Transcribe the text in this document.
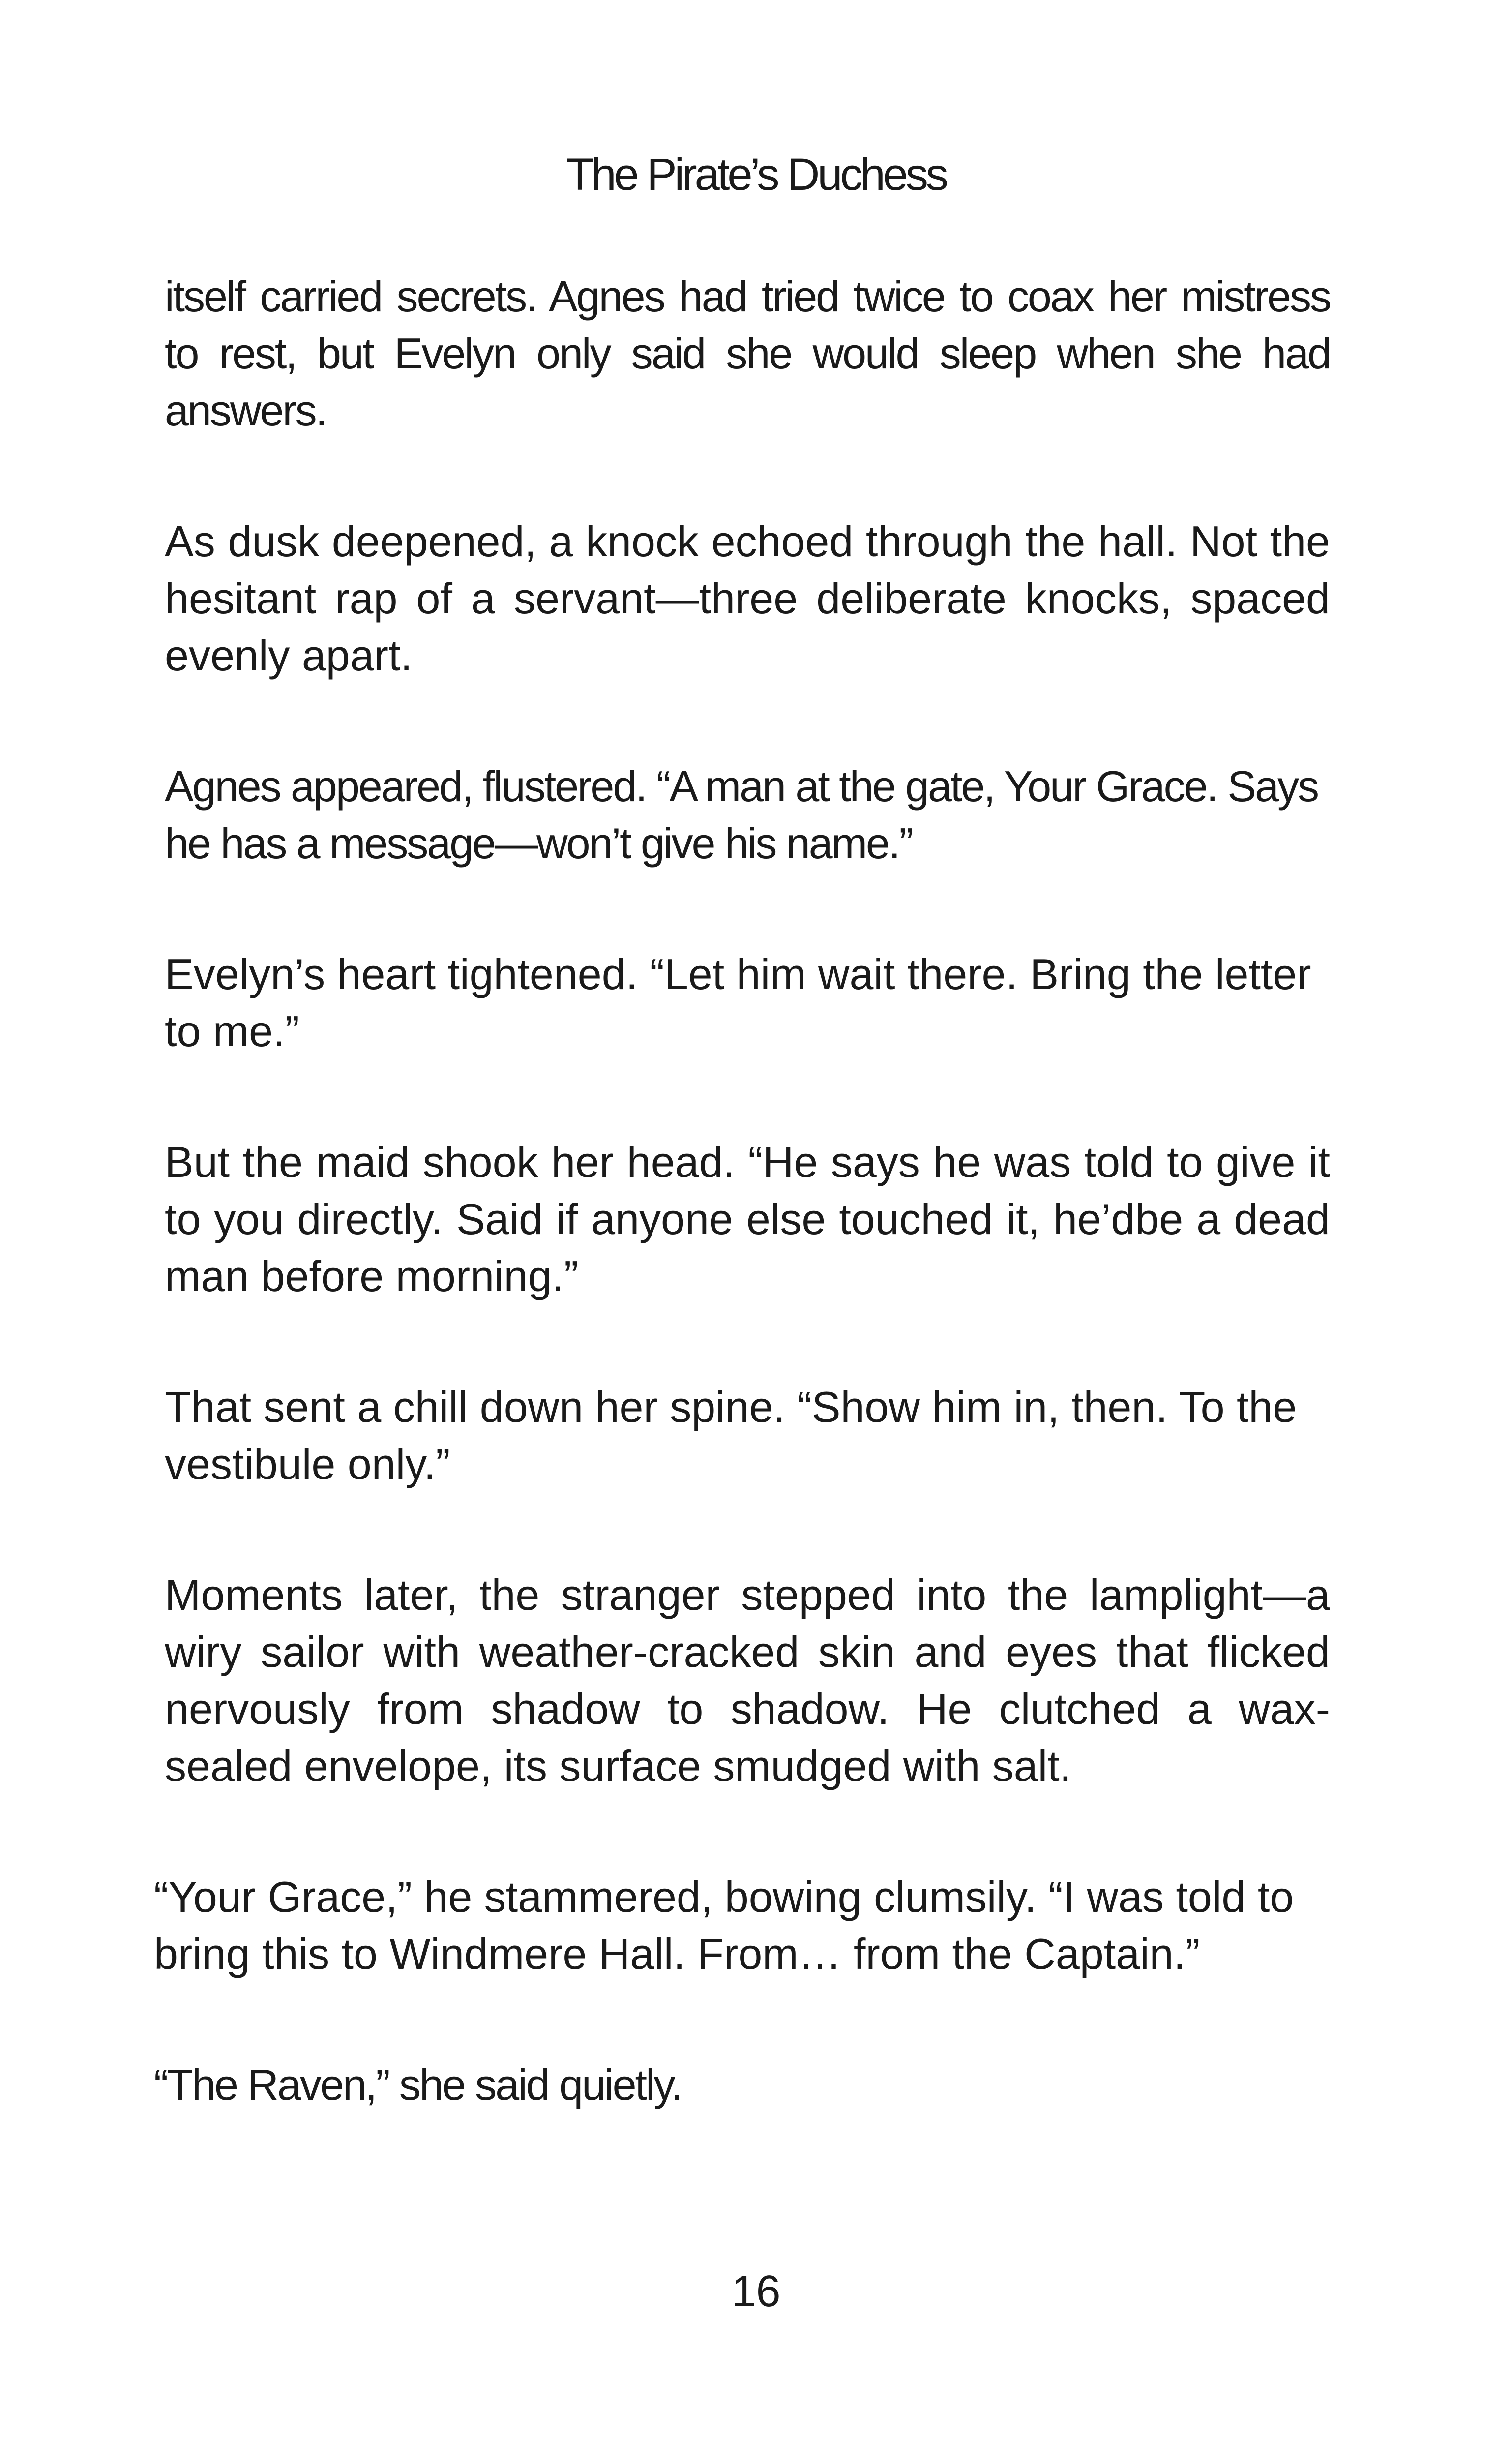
The Pirate’s Duchess

itself carried secrets. Agnes had tried twice to coax her mistress to rest, but Evelyn only said she would sleep when she had answers.

As dusk deepened, a knock echoed through the hall. Not the hesitant rap of a servant—three deliberate knocks, spaced evenly apart.

Agnes appeared, flustered. “A man at the gate, Your Grace. Says he has a message—won’t give his name.”

Evelyn’s heart tightened. “Let him wait there. Bring the letter to me.”

But the maid shook her head. “He says he was told to give it to you directly. Said if anyone else touched it, he’dbe a dead man before morning.”

That sent a chill down her spine. “Show him in, then. To the vestibule only.”

Moments later, the stranger stepped into the lamplight—a wiry sailor with weather-cracked skin and eyes that flicked nervously from shadow to shadow. He clutched a wax-sealed envelope, its surface smudged with salt.

“Your Grace,” he stammered, bowing clumsily. “I was told to bring this to Windmere Hall. From… from the Captain.”

“The Raven,” she said quietly.

16
